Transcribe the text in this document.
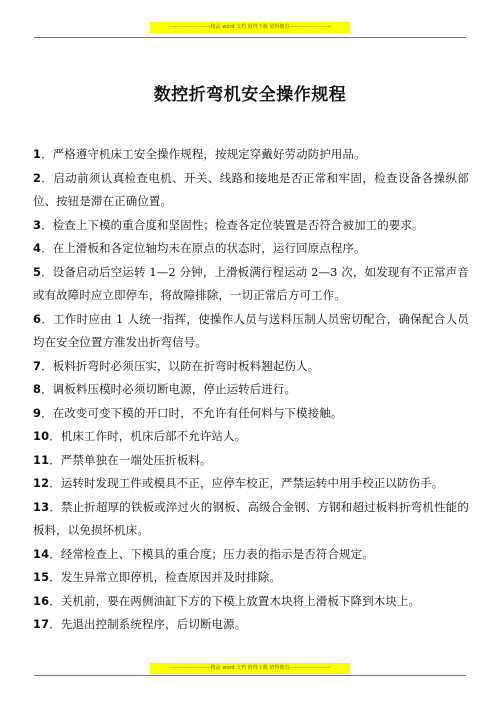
-----------------------精品 word 文档 值得下载 值得拥有-----------------------
数控折弯机安全操作规程
1．严格遵守机床工安全操作规程，按规定穿戴好劳动防护用品。
2．启动前须认真检查电机、开关、线路和接地是否正常和牢固，检查设备各操纵部位、按钮是滞在正确位置。
3．检查上下模的重合度和坚固性；检查各定位装置是否符合被加工的要求。
4．在上滑板和各定位轴均未在原点的状态时，运行回原点程序。
5．设备启动后空运转 1—2 分钟，上滑板满行程运动 2—3 次，如发现有不正常声音或有故障时应立即停车，将故障排除，一切正常后方可工作。
6．工作时应由 1 人统一指挥，使操作人员与送料压制人员密切配合，确保配合人员均在安全位置方准发出折弯信号。
7．板料折弯时必须压实，以防在折弯时板料翘起伤人。
8．调板料压模时必须切断电源，停止运转后进行。
9．在改变可变下模的开口时，不允许有任何料与下模接触。
10．机床工作时，机床后部不允许站人。
11．严禁单独在一端处压折板料。
12．运转时发现工件或模具不正，应停车校正，严禁运转中用手校正以防伤手。
13．禁止折超厚的铁板或淬过火的钢板、高级合金钢、方钢和超过板料折弯机性能的板料，以免损坏机床。
14．经常检查上、下模具的重合度；压力表的指示是否符合规定。
15．发生异常立即停机，检查原因并及时排除。
16．关机前，要在两侧油缸下方的下模上放置木块将上滑板下降到木块上。
17．先退出控制系统程序，后切断电源。
-----------------------精品 word 文档 值得下载 值得拥有-----------------------
